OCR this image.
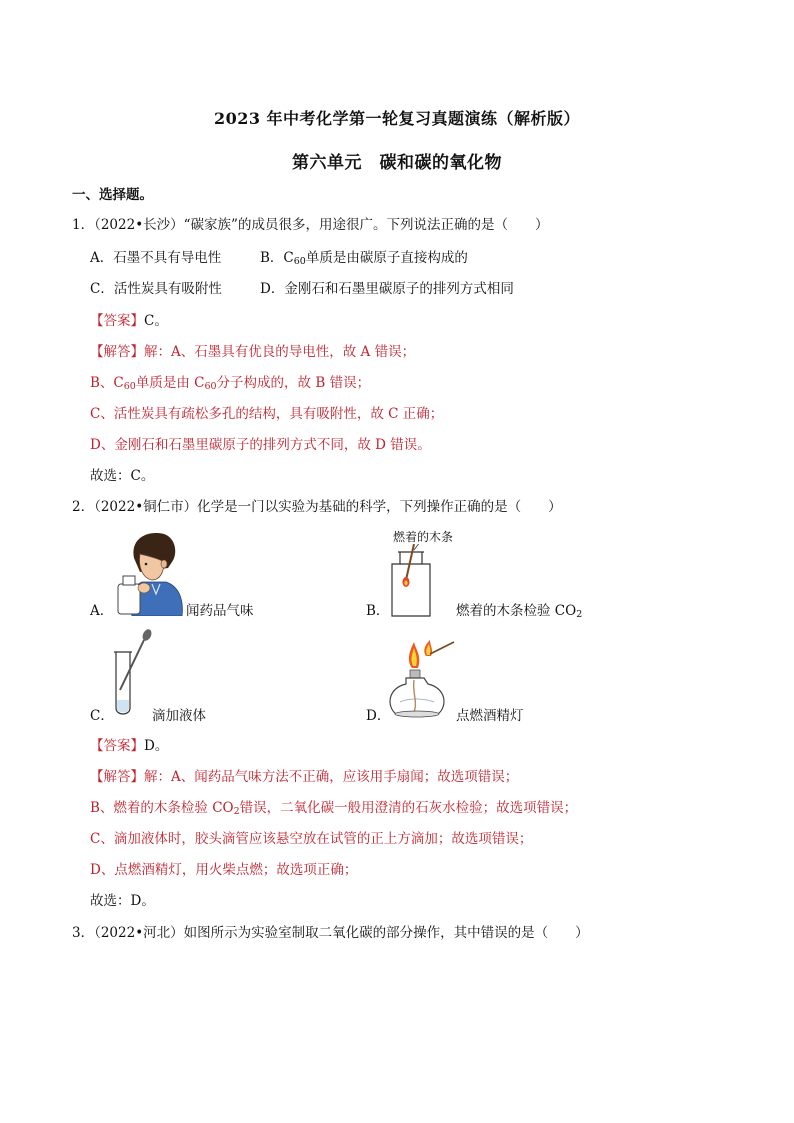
2023 年中考化学第一轮复习真题演练（解析版）
第六单元　碳和碳的氧化物
一、选择题。
1．（2022•长沙）“碳家族”的成员很多，用途很广。下列说法正确的是（　　）
A．石墨不具有导电性	B．$C_{60}$单质是由碳原子直接构成的
C．活性炭具有吸附性	D．金刚石和石墨里碳原子的排列方式相同
【答案】C。
【解答】解：A、石墨具有优良的导电性，故 A 错误；
B、$C_{60}$单质是由 $C_{60}$分子构成的，故 B 错误；
C、活性炭具有疏松多孔的结构，具有吸附性，故 C 正确；
D、金刚石和石墨里碳原子的排列方式不同，故 D 错误。
故选：C。
2．（2022•铜仁市）化学是一门以实验为基础的科学，下列操作正确的是（　　）
A．	闻药品气味
燃着的木条
B．	燃着的木条检验 $CO_2$
C．	滴加液体	D．	点燃酒精灯
【答案】D。
【解答】解：A、闻药品气味方法不正确，应该用手扇闻；故选项错误；
B、燃着的木条检验 $CO_2$错误，二氧化碳一般用澄清的石灰水检验；故选项错误；
C、滴加液体时，胶头滴管应该悬空放在试管的正上方滴加；故选项错误；
D、点燃酒精灯，用火柴点燃；故选项正确；
故选：D。
3．（2022•河北）如图所示为实验室制取二氧化碳的部分操作，其中错误的是（　　）
